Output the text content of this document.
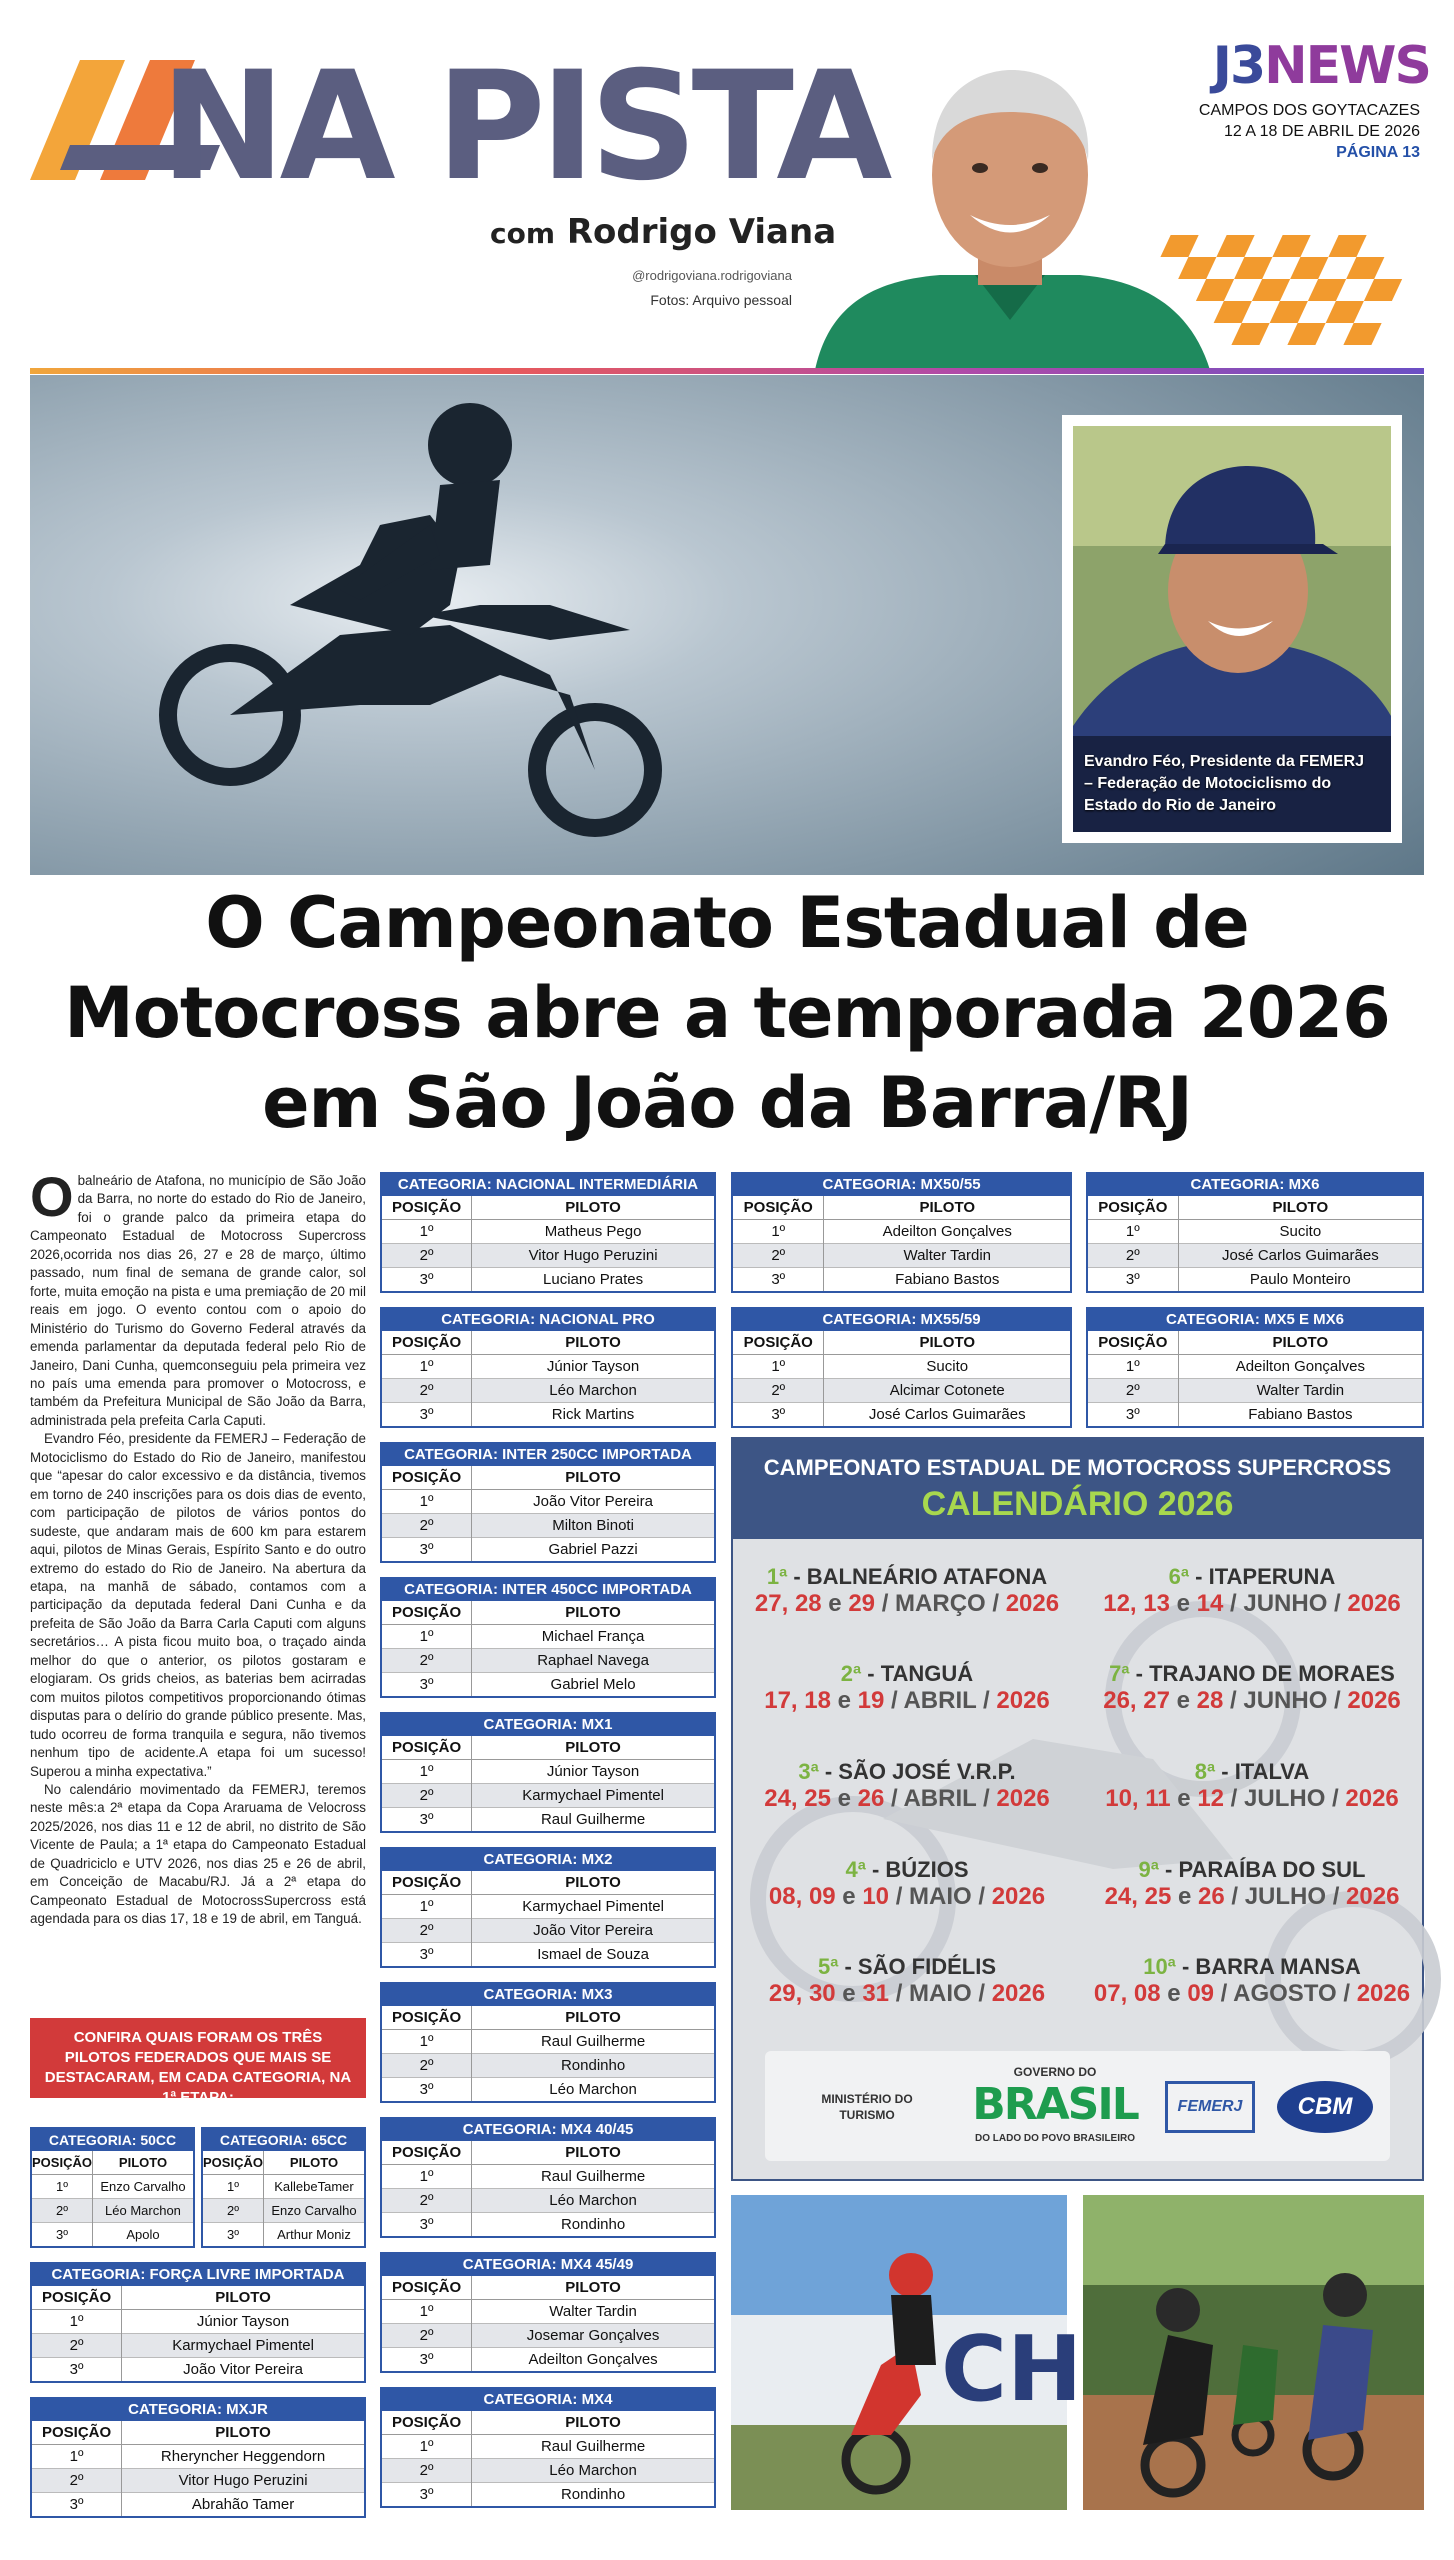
NA PISTA
com Rodrigo Viana
@rodrigoviana.rodrigoviana
Fotos: Arquivo pessoal
J3NEWS
CAMPOS DOS GOYTACAZES
12 A 18 DE ABRIL DE 2026
PÁGINA 13
Evandro Féo, Presidente da FEMERJ – Federação de Motociclismo do Estado do Rio de Janeiro
O Campeonato Estadual de
Motocross abre a temporada 2026
em São João da Barra/RJ

Obalneário de Atafona, no município de São João da Barra, no norte do estado do Rio de Janeiro, foi o grande palco da primeira etapa do Campeonato Estadual de Motocross Supercross 2026,ocorrida nos dias 26, 27 e 28 de março, último passado, num final de semana de grande calor, sol forte, muita emoção na pista e uma premiação de 20 mil reais em jogo. O evento contou com o apoio do Ministério do Turismo do Governo Federal através da emenda parlamentar da deputada federal pelo Rio de Janeiro, Dani Cunha, quemconseguiu pela primeira vez no país uma emenda para promover o Motocross, e também da Prefeitura Municipal de São João da Barra, administrada pela prefeita Carla Caputi.

Evandro Féo, presidente da FEMERJ – Federação de Motociclismo do Estado do Rio de Janeiro, manifestou que “apesar do calor excessivo e da distância, tivemos em torno de 240 inscrições para os dois dias de evento, com participação de pilotos de vários pontos do sudeste, que andaram mais de 600 km para estarem aqui, pilotos de Minas Gerais, Espírito Santo e do outro extremo do estado do Rio de Janeiro. Na abertura da etapa, na manhã de sábado, contamos com a participação da deputada federal Dani Cunha e da prefeita de São João da Barra Carla Caputi com alguns secretários… A pista ficou muito boa, o traçado ainda melhor do que o anterior, os pilotos gostaram e elogiaram. Os grids cheios, as baterias bem acirradas com muitos pilotos competitivos proporcionando ótimas disputas para o delírio do grande público presente. Mas, tudo ocorreu de forma tranquila e segura, não tivemos nenhum tipo de acidente.A etapa foi um sucesso! Superou a minha expectativa.”

No calendário movimentado da FEMERJ, teremos neste mês:a 2ª etapa da Copa Araruama de Velocross 2025/2026, nos dias 11 e 12 de abril, no distrito de São Vicente de Paula; a 1ª etapa do Campeonato Estadual de Quadriciclo e UTV 2026, nos dias 25 e 26 de abril, em Conceição de Macabu/RJ. Já a 2ª etapa do Campeonato Estadual de MotocrossSupercross está agendada para os dias 17, 18 e 19 de abril, em Tanguá.

CONFIRA QUAIS FORAM OS TRÊS PILOTOS FEDERADOS QUE MAIS SE DESTACARAM, EM CADA CATEGORIA, NA 1ª ETAPA:
CATEGORIA: 50CC
POSIÇÃO	PILOTO
1º	Enzo Carvalho
2º	Léo Marchon
3º	Apolo
CATEGORIA: 65CC
POSIÇÃO	PILOTO
1º	KallebeTamer
2º	Enzo Carvalho
3º	Arthur Moniz
CATEGORIA: FORÇA LIVRE IMPORTADA
POSIÇÃO	PILOTO
1º	Júnior Tayson
2º	Karmychael Pimentel
3º	João Vitor Pereira
CATEGORIA: MXJR
POSIÇÃO	PILOTO
1º	Rheryncher Heggendorn
2º	Vitor Hugo Peruzini
3º	Abrahão Tamer
CATEGORIA: NACIONAL INTERMEDIÁRIA
POSIÇÃO	PILOTO
1º	Matheus Pego
2º	Vitor Hugo Peruzini
3º	Luciano Prates
CATEGORIA: NACIONAL PRO
POSIÇÃO	PILOTO
1º	Júnior Tayson
2º	Léo Marchon
3º	Rick Martins
CATEGORIA: INTER 250CC IMPORTADA
POSIÇÃO	PILOTO
1º	João Vitor Pereira
2º	Milton Binoti
3º	Gabriel Pazzi
CATEGORIA: INTER 450CC IMPORTADA
POSIÇÃO	PILOTO
1º	Michael França
2º	Raphael Navega
3º	Gabriel Melo
CATEGORIA: MX1
POSIÇÃO	PILOTO
1º	Júnior Tayson
2º	Karmychael Pimentel
3º	Raul Guilherme
CATEGORIA: MX2
POSIÇÃO	PILOTO
1º	Karmychael Pimentel
2º	João Vitor Pereira
3º	Ismael de Souza
CATEGORIA: MX3
POSIÇÃO	PILOTO
1º	Raul Guilherme
2º	Rondinho
3º	Léo Marchon
CATEGORIA: MX4 40/45
POSIÇÃO	PILOTO
1º	Raul Guilherme
2º	Léo Marchon
3º	Rondinho
CATEGORIA: MX4 45/49
POSIÇÃO	PILOTO
1º	Walter Tardin
2º	Josemar Gonçalves
3º	Adeilton Gonçalves
CATEGORIA: MX4
POSIÇÃO	PILOTO
1º	Raul Guilherme
2º	Léo Marchon
3º	Rondinho
CATEGORIA: MX50/55
POSIÇÃO	PILOTO
1º	Adeilton Gonçalves
2º	Walter Tardin
3º	Fabiano Bastos
CATEGORIA: MX55/59
POSIÇÃO	PILOTO
1º	Sucito
2º	Alcimar Cotonete
3º	José Carlos Guimarães
CATEGORIA: MX6
POSIÇÃO	PILOTO
1º	Sucito
2º	José Carlos Guimarães
3º	Paulo Monteiro
CATEGORIA: MX5 E MX6
POSIÇÃO	PILOTO
1º	Adeilton Gonçalves
2º	Walter Tardin
3º	Fabiano Bastos
CAMPEONATO ESTADUAL DE MOTOCROSS SUPERCROSS
CALENDÁRIO 2026
1ª - BALNEÁRIO ATAFONA
27, 28 e 29 / MARÇO / 2026
2ª - TANGUÁ
17, 18 e 19 / ABRIL / 2026
3ª - SÃO JOSÉ V.R.P.
24, 25 e 26 / ABRIL / 2026
4ª - BÚZIOS
08, 09 e 10 / MAIO / 2026
5ª - SÃO FIDÉLIS
29, 30 e 31 / MAIO / 2026
6ª - ITAPERUNA
12, 13 e 14 / JUNHO / 2026
7ª - TRAJANO DE MORAES
26, 27 e 28 / JUNHO / 2026
8ª - ITALVA
10, 11 e 12 / JULHO / 2026
9ª - PARAÍBA DO SUL
24, 25 e 26 / JULHO / 2026
10ª - BARRA MANSA
07, 08 e 09 / AGOSTO / 2026
MINISTÉRIO DO TURISMO
GOVERNO DO
BRASIL
DO LADO DO POVO BRASILEIRO
FEMERJ	CBM
CH
